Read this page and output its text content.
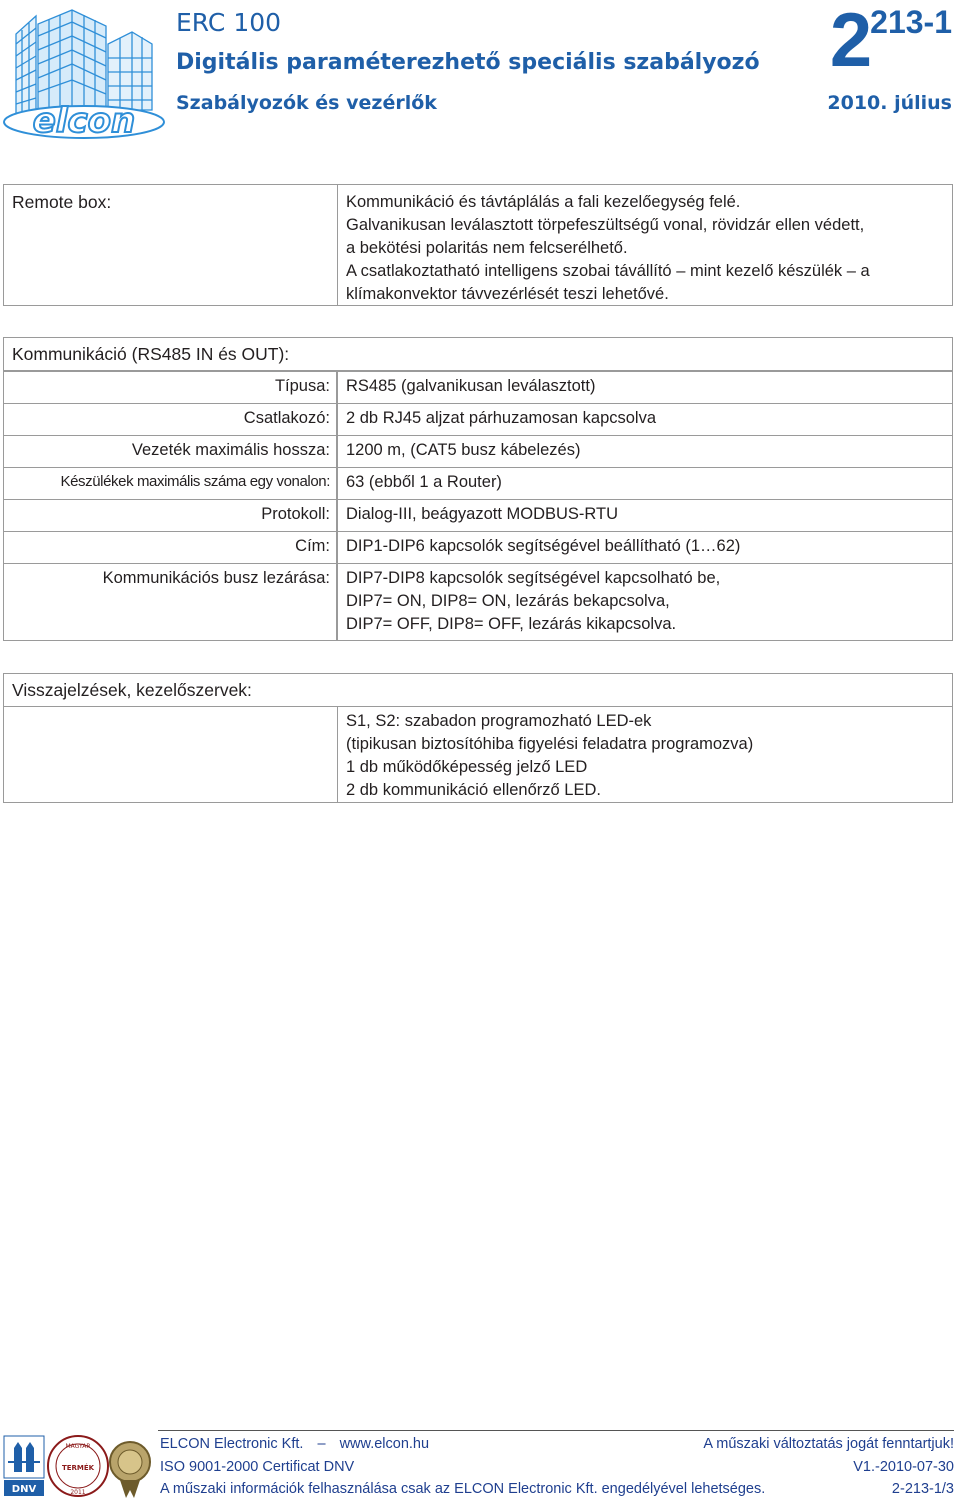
elcon
ERC 100
Digitális paraméterezhető speciális szabályozó
Szabályozók és vezérlők
2213-1
2010. július
Remote box:	Kommunikáció és távtáplálás a fali kezelőegység felé.
Galvanikusan leválasztott törpefeszültségű vonal, rövidzár ellen védett,
a bekötési polaritás nem felcserélhető.
A csatlakoztatható intelligens szobai távállító – mint kezelő készülék – a
klímakonvektor távvezérlését teszi lehetővé.
Kommunikáció (RS485 IN és OUT):
Típusa: RS485 (galvanikusan leválasztott)
Csatlakozó: 2 db RJ45 aljzat párhuzamosan kapcsolva
Vezeték maximális hossza: 1200 m, (CAT5 busz kábelezés)
Készülékek maximális száma egy vonalon: 63 (ebből 1 a Router)
Protokoll: Dialog-III, beágyazott MODBUS-RTU
Cím: DIP1-DIP6 kapcsolók segítségével beállítható (1…62)
Kommunikációs busz lezárása: DIP7-DIP8 kapcsolók segítségével kapcsolható be,
DIP7= ON, DIP8= ON, lezárás bekapcsolva,
DIP7= OFF, DIP8= OFF, lezárás kikapcsolva.
Visszajelzések, kezelőszervek:
S1, S2: szabadon programozható LED-ek
(tipikusan biztosítóhiba figyelési feladatra programozva)
1 db működőképesség jelző LED
2 db kommunikáció ellenőrző LED.
DNV
MAGYAR
TERMÉK
2011
ELCON Electronic Kft. – www.elcon.hu	A műszaki változtatás jogát fenntartjuk!
ISO 9001-2000 Certificat DNV	V1.-2010-07-30
A műszaki információk felhasználása csak az ELCON Electronic Kft. engedélyével lehetséges.	2-213-1/3
